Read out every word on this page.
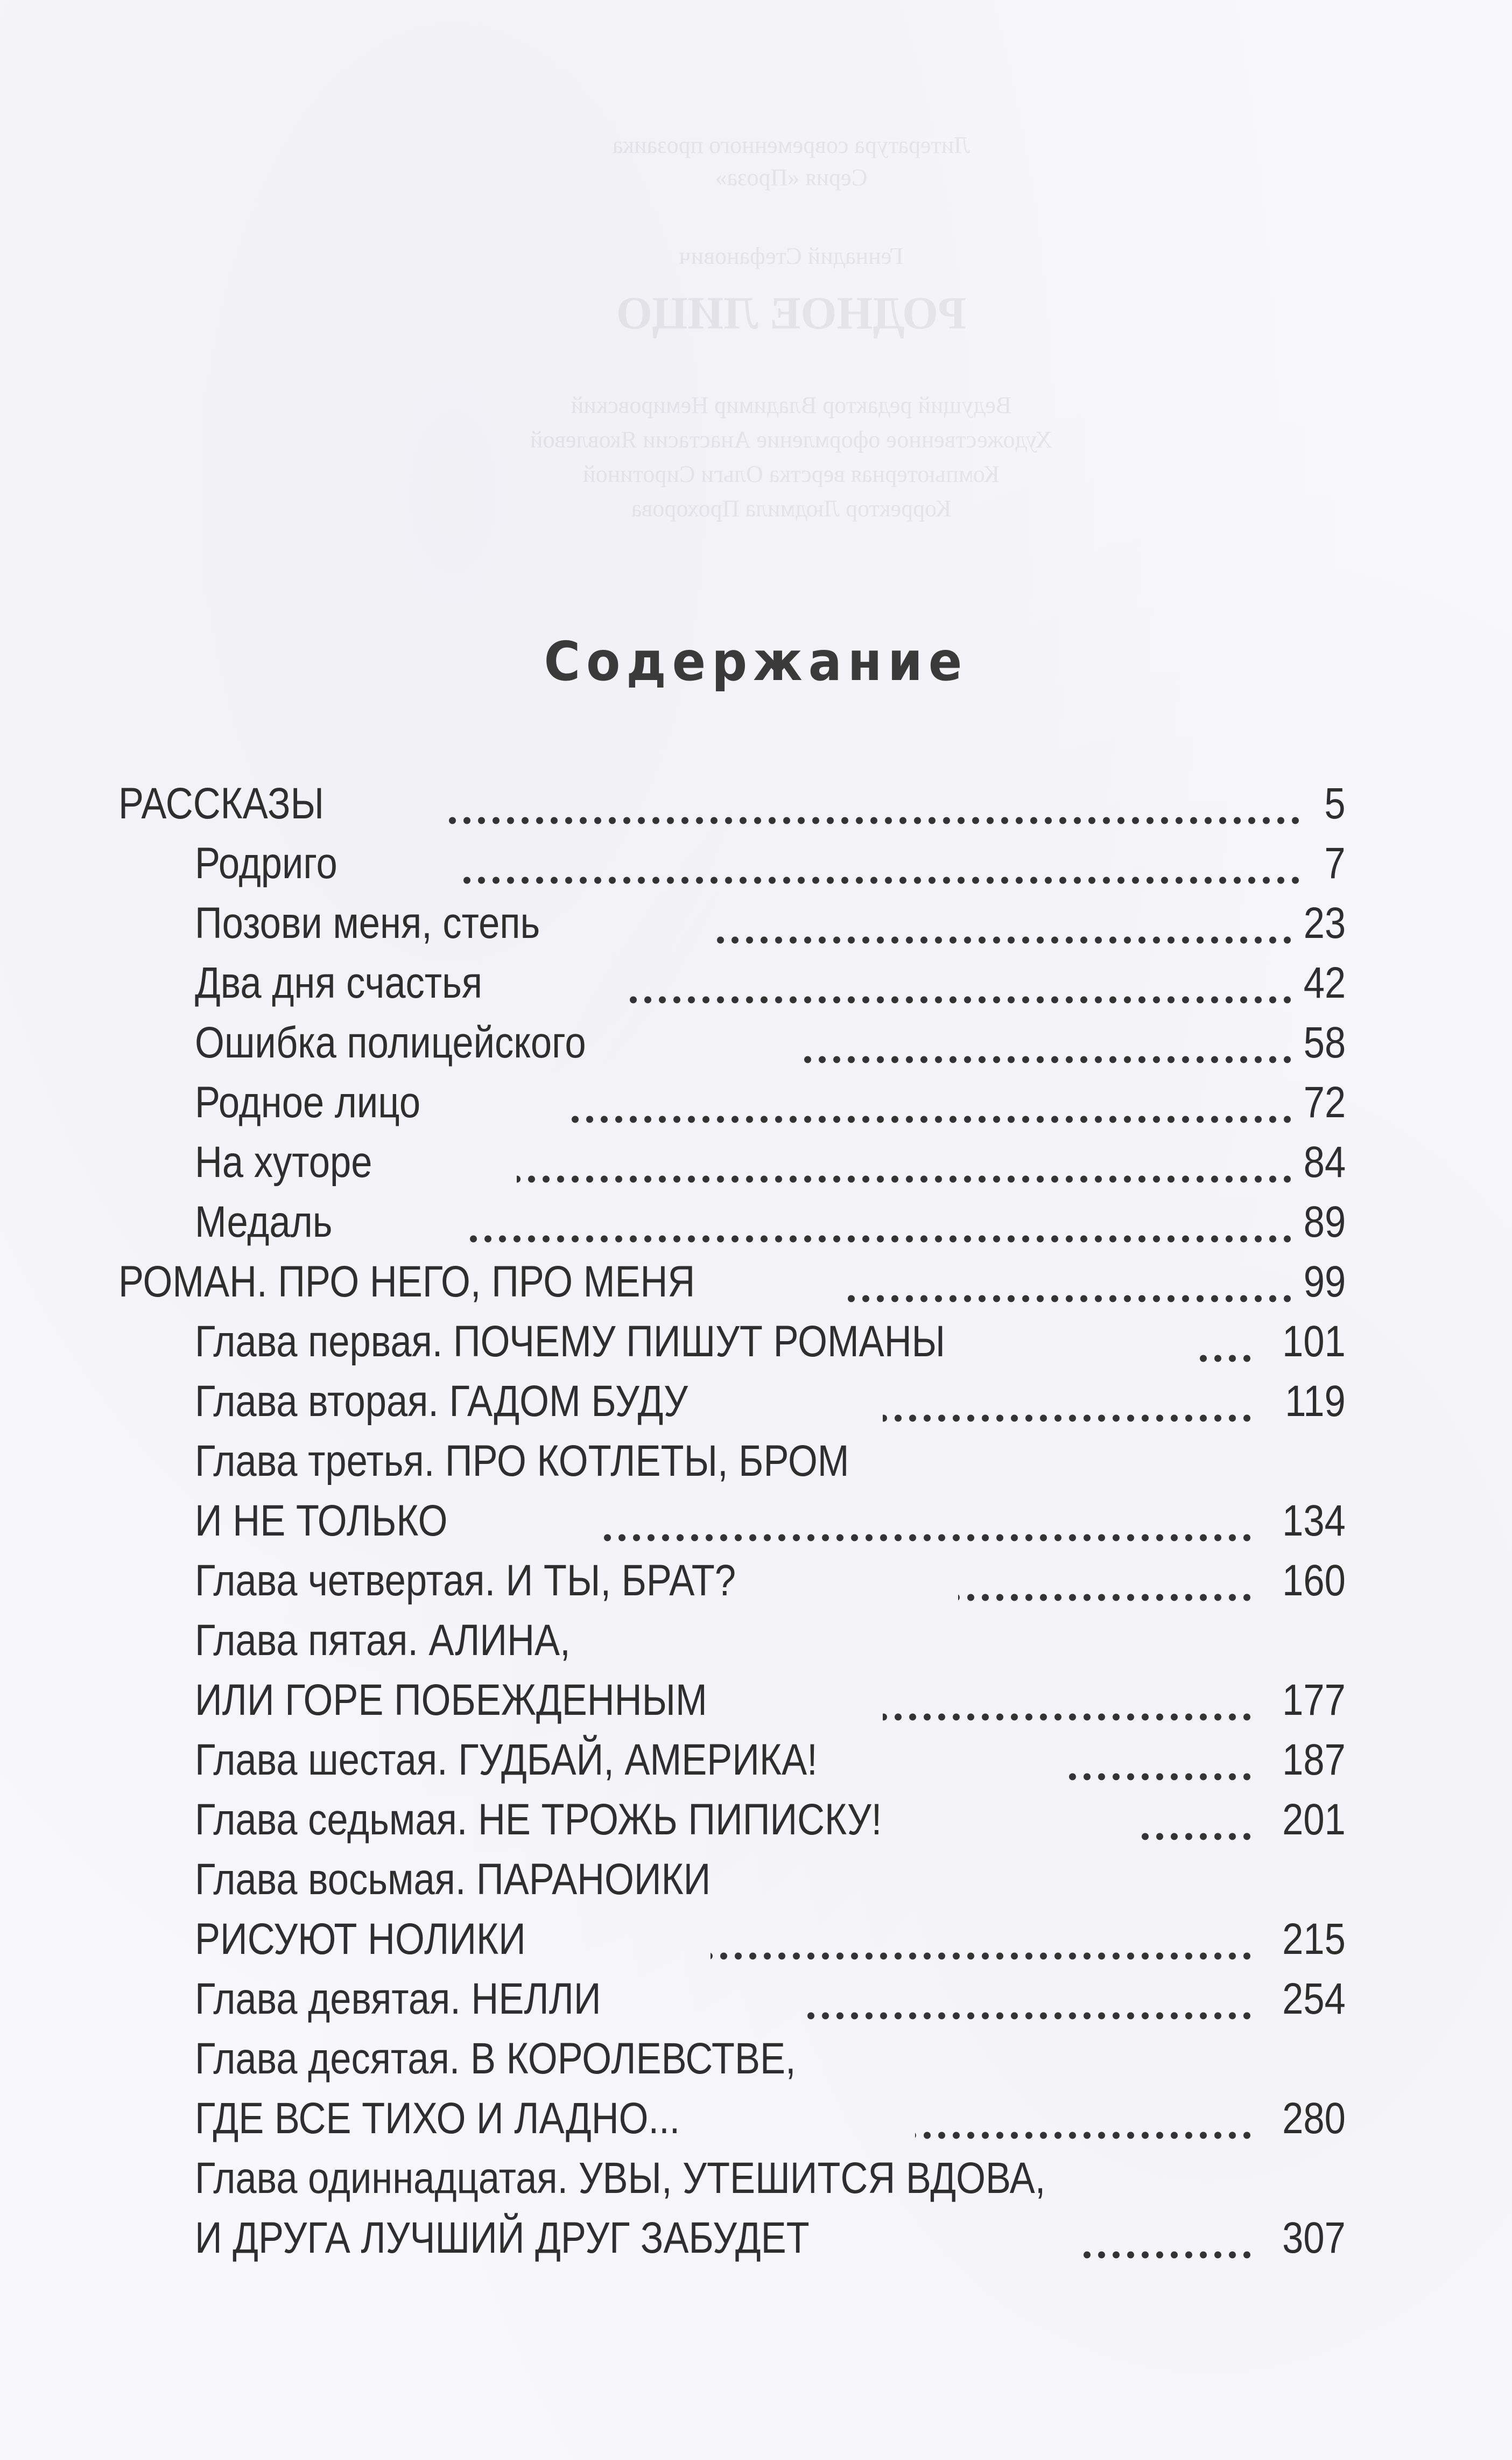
Литература современного прозаика
Серия «Проза»
Геннадий Стефанович
РОДНОЕ ЛИЦО
Ведущий редактор Владимир Немировский
Художественное оформление Анастасии Яковлевой
Компьютерная верстка Ольги Сиротиной
Корректор Людмила Прохорова
Содержание
РАССКАЗЫ	5
Родриго	7
Позови меня, степь	23
Два дня счастья	42
Ошибка полицейского	58
Родное лицо	72
На хуторе	84
Медаль	89
РОМАН. ПРО НЕГО, ПРО МЕНЯ	99
Глава первая. ПОЧЕМУ ПИШУТ РОМАНЫ	101
Глава вторая. ГАДОМ БУДУ	119
Глава третья. ПРО КОТЛЕТЫ, БРОМ
И НЕ ТОЛЬКО	134
Глава четвертая. И ТЫ, БРАТ?	160
Глава пятая. АЛИНА,
ИЛИ ГОРЕ ПОБЕЖДЕННЫМ	177
Глава шестая. ГУДБАЙ, АМЕРИКА!	187
Глава седьмая. НЕ ТРОЖЬ ПИПИСКУ!	201
Глава восьмая. ПАРАНОИКИ
РИСУЮТ НОЛИКИ	215
Глава девятая. НЕЛЛИ	254
Глава десятая. В КОРОЛЕВСТВЕ,
ГДЕ ВСЕ ТИХО И ЛАДНО...	280
Глава одиннадцатая. УВЫ, УТЕШИТСЯ ВДОВА,
И ДРУГА ЛУЧШИЙ ДРУГ ЗАБУДЕТ	307
